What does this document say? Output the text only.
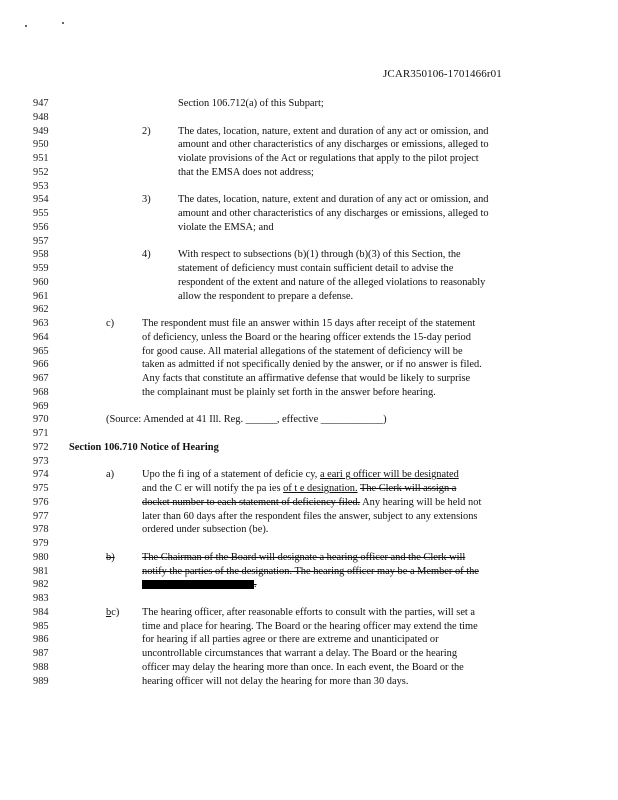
JCAR350106-1701466r01
947	Section 106.712(a) of this Subpart;
948
949	2)	The dates, location, nature, extent and duration of any act or omission, and
950	amount and other characteristics of any discharges or emissions, alleged to
951	violate provisions of the Act or regulations that apply to the pilot project
952	that the EMSA does not address;
953
954	3)	The dates, location, nature, extent and duration of any act or omission, and
955	amount and other characteristics of any discharges or emissions, alleged to
956	violate the EMSA; and
957
958	4)	With respect to subsections (b)(1) through (b)(3) of this Section, the
959	statement of deficiency must contain sufficient detail to advise the
960	respondent of the extent and nature of the alleged violations to reasonably
961	allow the respondent to prepare a defense.
962
963	c)	The respondent must file an answer within 15 days after receipt of the statement
964	of deficiency, unless the Board or the hearing officer extends the 15-day period
965	for good cause. All material allegations of the statement of deficiency will be
966	taken as admitted if not specifically denied by the answer, or if no answer is filed.
967	Any facts that constitute an affirmative defense that would be likely to surprise
968	the complainant must be plainly set forth in the answer before hearing.
969
970	(Source: Amended at 41 Ill. Reg. ______, effective ____________)
971
972 Section 106.710 Notice of Hearing
973
974	a)	Upo the fi ing of a statement of deficie cy, a eari g officer will be designated
975	and the C er will notify the pa ies of t e designation. The Clerk will assign a
976	docket number to each statement of deficiency filed. Any hearing will be held not
977	later than 60 days after the respondent files the answer, subject to any extensions
978	ordered under subsection (be).
979
980	b)	The Chairman of the Board will designate a hearing officer and the Clerk will
981	notify the parties of the designation. The hearing officer may be a Member of the
982	.
983
984	bc) The hearing officer, after reasonable efforts to consult with the parties, will set a
985	time and place for hearing. The Board or the hearing officer may extend the time
986	for hearing if all parties agree or there are extreme and unanticipated or
987	uncontrollable circumstances that warrant a delay. The Board or the hearing
988	officer may delay the hearing more than once. In each event, the Board or the
989	hearing officer will not delay the hearing for more than 30 days.
